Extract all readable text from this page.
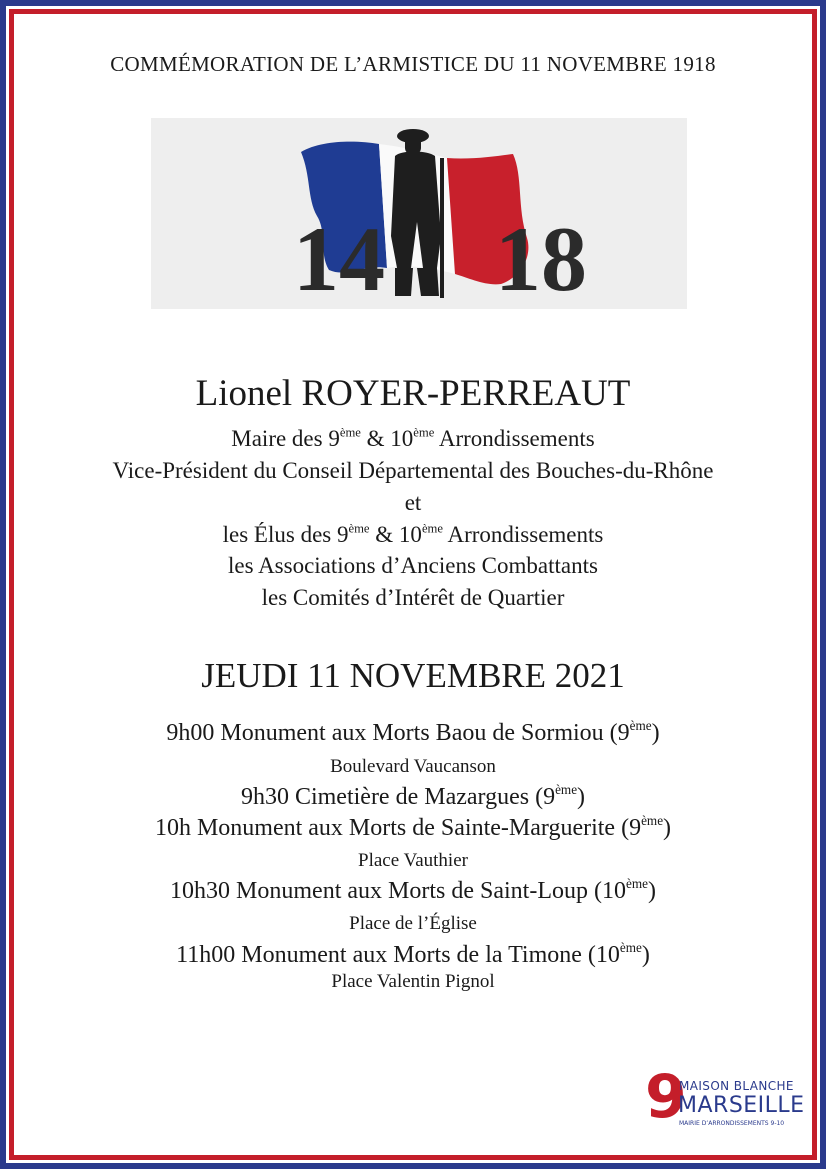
COMMÉMORATION DE L’ARMISTICE DU 11 NOVEMBRE 1918
14 18
Lionel ROYER-PERREAUT
Maire des 9ème & 10ème Arrondissements
Vice-Président du Conseil Départemental des Bouches-du-Rhône
et
les Élus des 9ème & 10ème Arrondissements
les Associations d’Anciens Combattants
les Comités d’Intérêt de Quartier
JEUDI 11 NOVEMBRE 2021
9h00 Monument aux Morts Baou de Sormiou (9ème)
Boulevard Vaucanson
9h30 Cimetière de Mazargues (9ème)
10h Monument aux Morts de Sainte-Marguerite (9ème)
Place Vauthier
10h30 Monument aux Morts de Saint-Loup (10ème)
Place de l’Église
11h00 Monument aux Morts de la Timone (10ème)
Place Valentin Pignol
9
MAISON BLANCHE
MARSEILLE
MAIRIE D’ARRONDISSEMENTS 9-10
